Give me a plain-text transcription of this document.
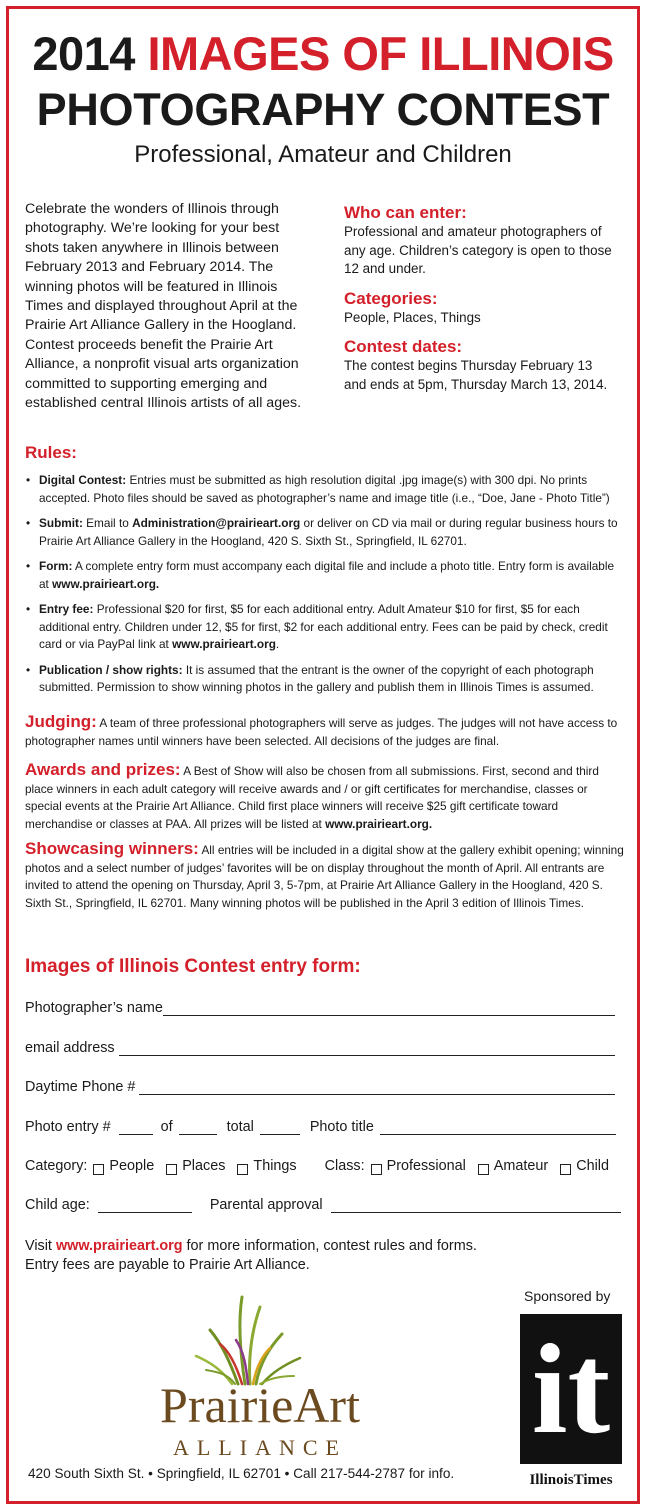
2014 IMAGES OF ILLINOIS
PHOTOGRAPHY CONTEST
Professional, Amateur and Children
Celebrate the wonders of Illinois through
photography. We’re looking for your best
shots taken anywhere in Illinois between
February 2013 and February 2014. The
winning photos will be featured in Illinois
Times and displayed throughout April at the
Prairie Art Alliance Gallery in the Hoogland.
Contest proceeds benefit the Prairie Art
Alliance, a nonprofit visual arts organization
committed to supporting emerging and
established central Illinois artists of all ages.
Who can enter:
Professional and amateur photographers of
any age. Children’s category is open to those
12 and under.
Categories:
People, Places, Things
Contest dates:
The contest begins Thursday February 13
and ends at 5pm, Thursday March 13, 2014.
Rules:
• Digital Contest: Entries must be submitted as high resolution digital .jpg image(s) with 300 dpi. No prints accepted. Photo files should be saved as photographer’s name and image title (i.e., “Doe, Jane - Photo Title”)
• Submit: Email to Administration@prairieart.org or deliver on CD via mail or during regular business hours to Prairie Art Alliance Gallery in the Hoogland, 420 S. Sixth St., Springfield, IL 62701.
• Form: A complete entry form must accompany each digital file and include a photo title. Entry form is available at www.prairieart.org.
• Entry fee: Professional $20 for first, $5 for each additional entry. Adult Amateur $10 for first, $5 for each additional entry. Children under 12, $5 for first, $2 for each additional entry. Fees can be paid by check, credit card or via PayPal link at www.prairieart.org.
• Publication / show rights: It is assumed that the entrant is the owner of the copyright of each photograph submitted. Permission to show winning photos in the gallery and publish them in Illinois Times is assumed.
Judging: A team of three professional photographers will serve as judges. The judges will not have access to photographer names until winners have been selected. All decisions of the judges are final.
Awards and prizes: A Best of Show will also be chosen from all submissions. First, second and third place winners in each adult category will receive awards and / or gift certificates for merchandise, classes or special events at the Prairie Art Alliance. Child first place winners will receive $25 gift certificate toward merchandise or classes at PAA. All prizes will be listed at www.prairieart.org.
Showcasing winners: All entries will be included in a digital show at the gallery exhibit opening; winning photos and a select number of judges’ favorites will be on display throughout the month of April. All entrants are invited to attend the opening on Thursday, April 3, 5-7pm, at Prairie Art Alliance Gallery in the Hoogland, 420 S. Sixth St., Springfield, IL 62701. Many winning photos will be published in the April 3 edition of Illinois Times.
Images of Illinois Contest entry form:
Photographer’s name
email address
Daytime Phone #
Photo entry #	of	total	Photo title
Category: People Places Things Class: Professional Amateur Child
Child age:	Parental approval
Visit www.prairieart.org for more information, contest rules and forms.
Entry fees are payable to Prairie Art Alliance.
Sponsored by
it
IllinoisTimes
PrairieArt
ALLIANCE
420 South Sixth St. • Springfield, IL 62701 • Call 217-544-2787 for info.
